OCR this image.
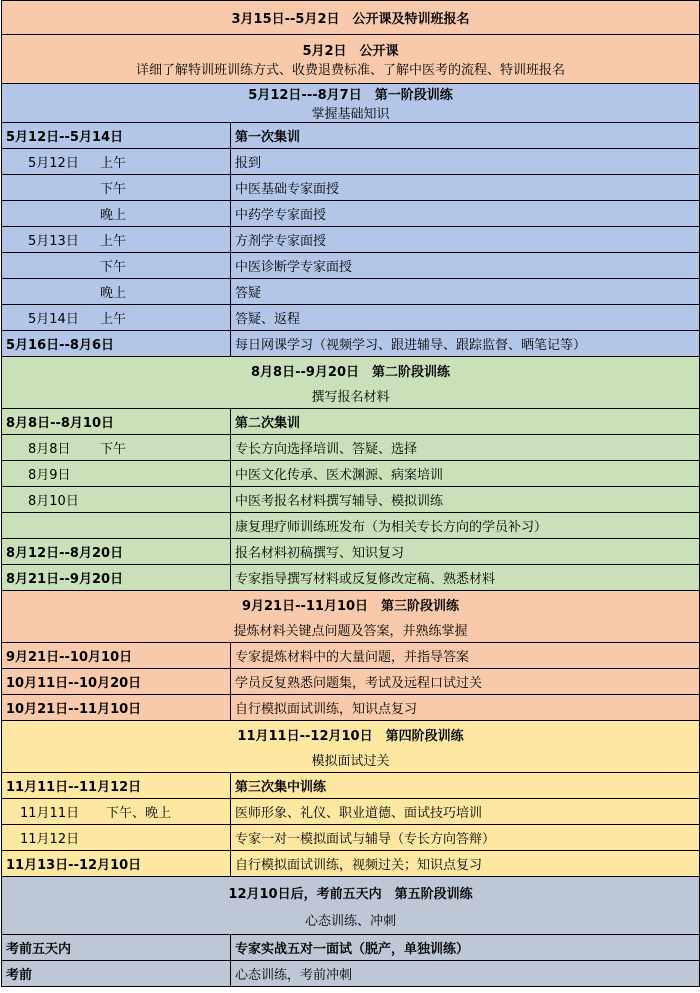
3月15日--5月2日　公开课及特训班报名	

5月2日　公开课
详细了解特训班训练方式、收费退费标准、了解中医考的流程、特训班报名	

5月12日---8月7日　第一阶段训练
掌握基础知识	

5月12日--5月14日	第一次集训
5月12日 上午	报到
下午	中医基础专家面授
晚上	中药学专家面授
5月13日 上午	方剂学专家面授
下午	中医诊断学专家面授
晚上	答疑
5月14日 上午	答疑、返程
5月16日--8月6日	每日网课学习（视频学习、跟进辅导、跟踪监督、晒笔记等）

8月8日--9月20日　第二阶段训练
撰写报名材料	

8月8日--8月10日	第二次集训
8月8日 下午	专长方向选择培训、答疑、选择
8月9日	中医文化传承、医术渊源、病案培训
8月10日	中医考报名材料撰写辅导、模拟训练
	康复理疗师训练班发布（为相关专长方向的学员补习）
8月12日--8月20日	报名材料初稿撰写、知识复习
8月21日--9月20日	专家指导撰写材料或反复修改定稿、熟悉材料

9月21日--11月10日　第三阶段训练
提炼材料关键点问题及答案，并熟练掌握	

9月21日--10月10日	专家提炼材料中的大量问题，并指导答案
10月11日--10月20日	学员反复熟悉问题集，考试及远程口试过关
10月21日--11月10日	自行模拟面试训练，知识点复习

11月11日--12月10日　第四阶段训练
模拟面试过关	

11月11日--11月12日	第三次集中训练
11月11日 下午、晚上	医师形象、礼仪、职业道德、面试技巧培训
11月12日	专家一对一模拟面试与辅导（专长方向答辩）
11月13日--12月10日	自行模拟面试训练，视频过关；知识点复习

12月10日后，考前五天内　第五阶段训练
心态训练、冲刺	

考前五天内	专家实战五对一面试（脱产，单独训练）
考前	心态训练，考前冲刺
